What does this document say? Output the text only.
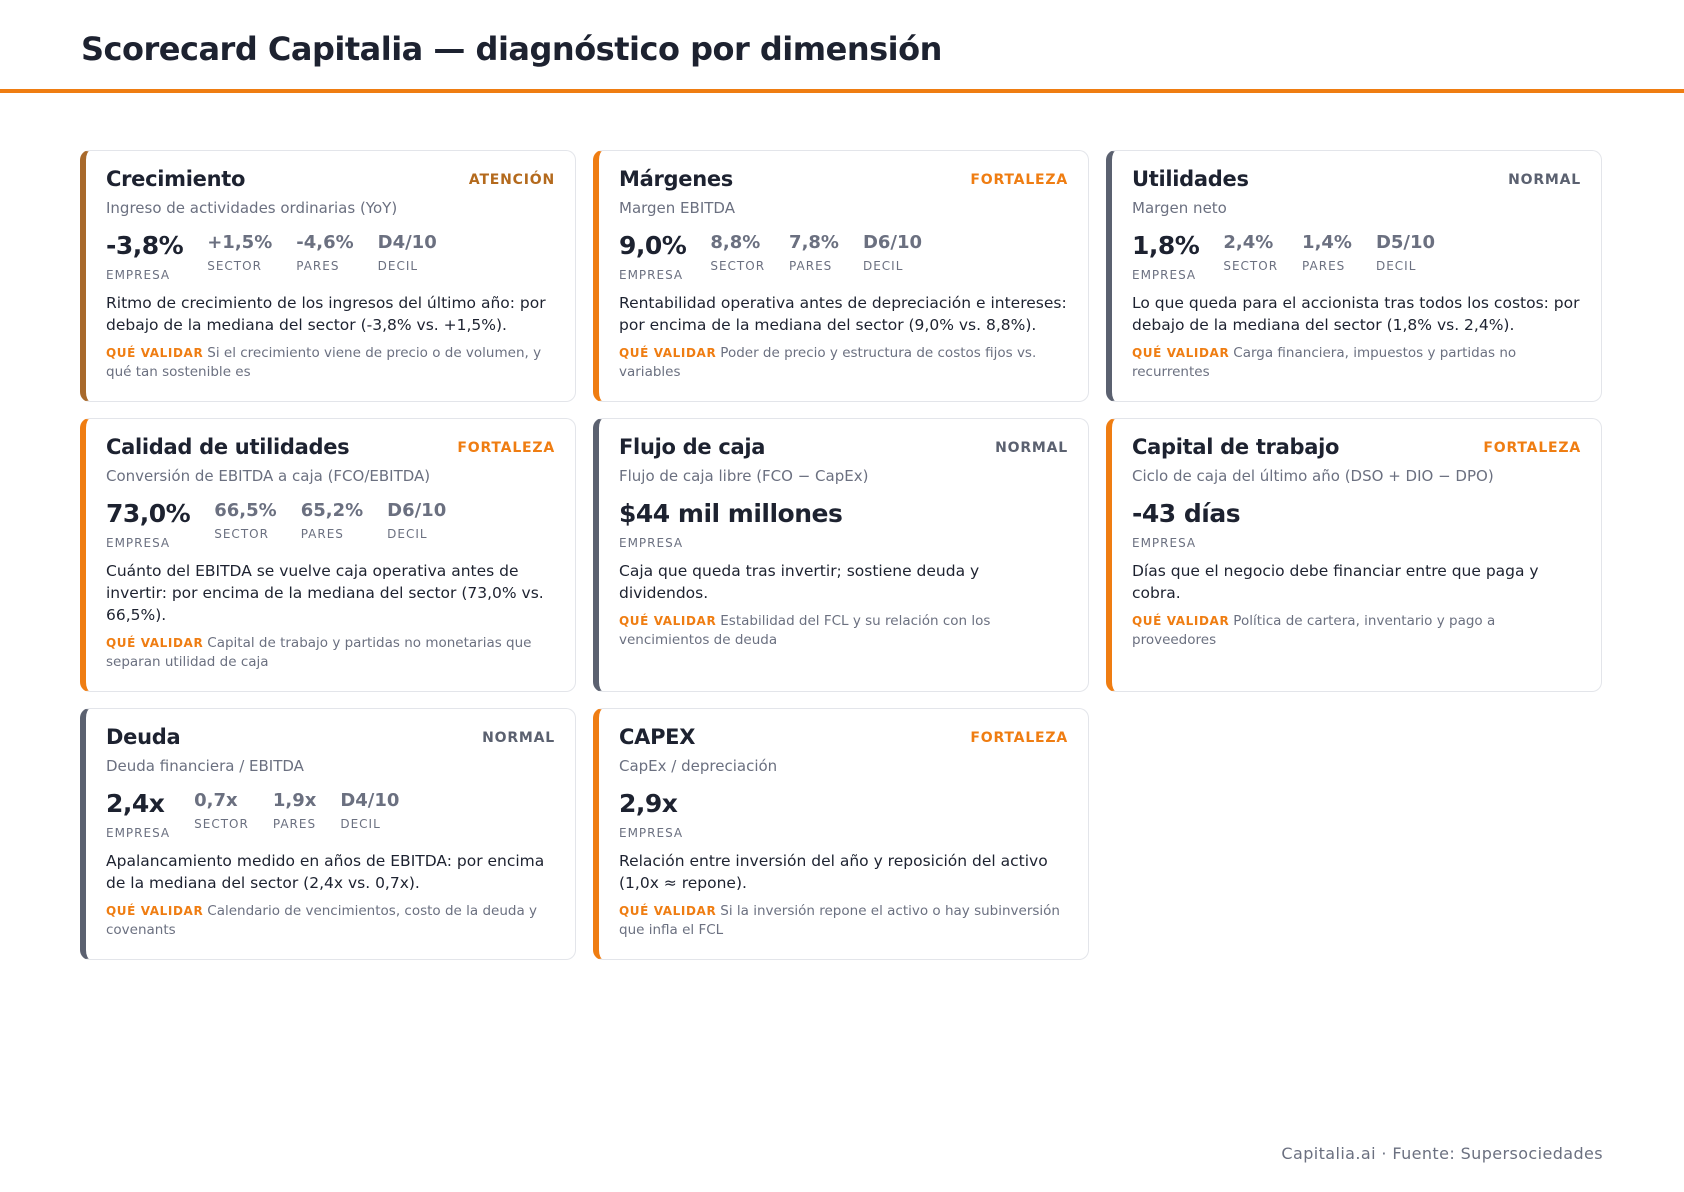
Scorecard Capitalia — diagnóstico por dimensión
Crecimiento	ATENCIÓN
Ingreso de actividades ordinarias (YoY)
-3,8%
EMPRESA
+1,5%
SECTOR
-4,6%
PARES
D4/10
DECIL
Ritmo de crecimiento de los ingresos del último año: por debajo de la mediana del sector (-3,8% vs. +1,5%).
QUÉ VALIDAR Si el crecimiento viene de precio o de volumen, y qué tan sostenible es
Márgenes	FORTALEZA
Margen EBITDA
9,0%
EMPRESA
8,8%
SECTOR
7,8%
PARES
D6/10
DECIL
Rentabilidad operativa antes de depreciación e intereses: por encima de la mediana del sector (9,0% vs. 8,8%).
QUÉ VALIDAR Poder de precio y estructura de costos fijos vs. variables
Utilidades	NORMAL
Margen neto
1,8%
EMPRESA
2,4%
SECTOR
1,4%
PARES
D5/10
DECIL
Lo que queda para el accionista tras todos los costos: por debajo de la mediana del sector (1,8% vs. 2,4%).
QUÉ VALIDAR Carga financiera, impuestos y partidas no recurrentes
Calidad de utilidades	FORTALEZA
Conversión de EBITDA a caja (FCO/EBITDA)
73,0%
EMPRESA
66,5%
SECTOR
65,2%
PARES
D6/10
DECIL
Cuánto del EBITDA se vuelve caja operativa antes de invertir: por encima de la mediana del sector (73,0% vs. 66,5%).
QUÉ VALIDAR Capital de trabajo y partidas no monetarias que separan utilidad de caja
Flujo de caja	NORMAL
Flujo de caja libre (FCO − CapEx)
$44 mil millones
EMPRESA
Caja que queda tras invertir; sostiene deuda y dividendos.
QUÉ VALIDAR Estabilidad del FCL y su relación con los vencimientos de deuda
Capital de trabajo	FORTALEZA
Ciclo de caja del último año (DSO + DIO − DPO)
-43 días
EMPRESA
Días que el negocio debe financiar entre que paga y cobra.
QUÉ VALIDAR Política de cartera, inventario y pago a proveedores
Deuda	NORMAL
Deuda financiera / EBITDA
2,4x
EMPRESA
0,7x
SECTOR
1,9x
PARES
D4/10
DECIL
Apalancamiento medido en años de EBITDA: por encima de la mediana del sector (2,4x vs. 0,7x).
QUÉ VALIDAR Calendario de vencimientos, costo de la deuda y covenants
CAPEX	FORTALEZA
CapEx / depreciación
2,9x
EMPRESA
Relación entre inversión del año y reposición del activo (1,0x ≈ repone).
QUÉ VALIDAR Si la inversión repone el activo o hay subinversión que infla el FCL
Capitalia.ai · Fuente: Supersociedades
